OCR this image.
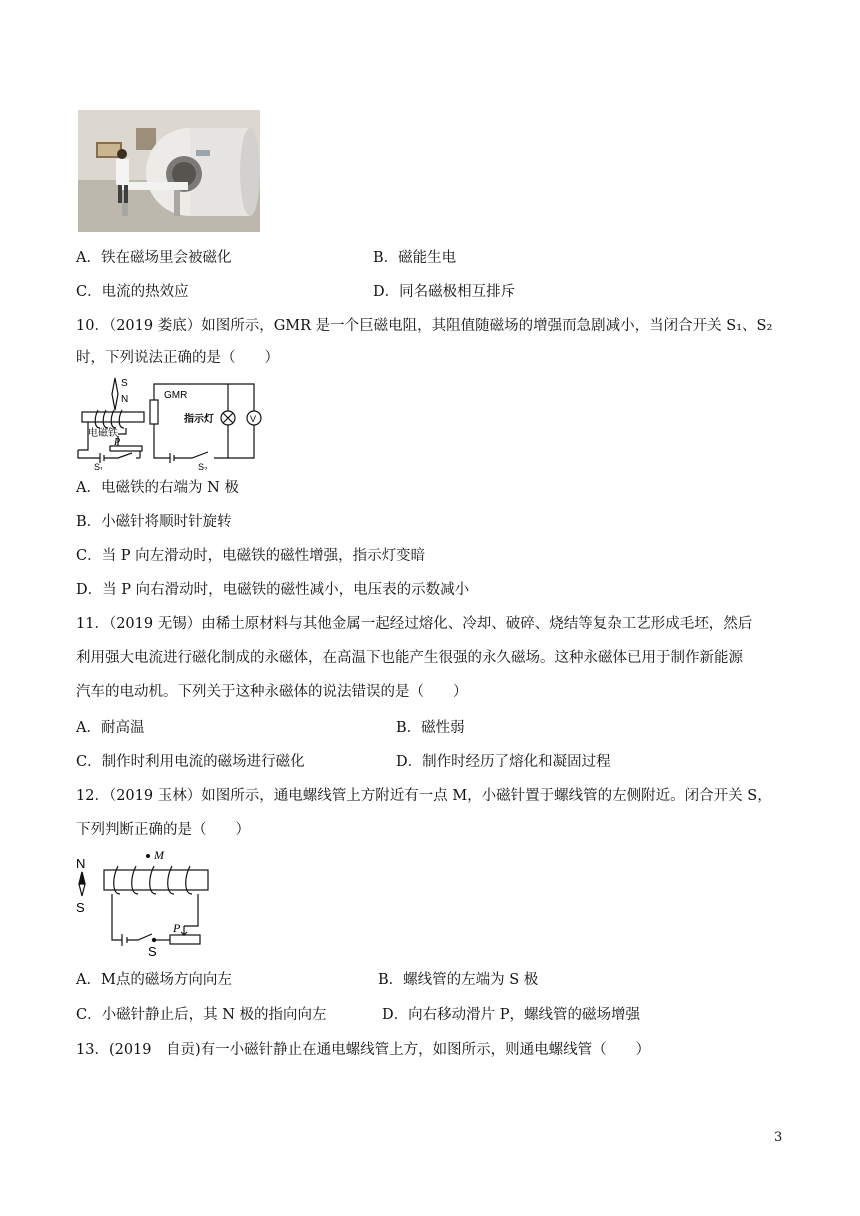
A．铁在磁场里会被磁化	B．磁能生电
C．电流的热效应	D．同名磁极相互排斥
10．（2019 娄底）如图所示，GMR 是一个巨磁电阻，其阻值随磁场的增强而急剧减小，当闭合开关 S₁、S₂
时，下列说法正确的是（　　）
S
N
电磁铁
P
S₁
GMR
指示灯	V
S₂
A．电磁铁的右端为 N 极
B．小磁针将顺时针旋转
C．当 P 向左滑动时，电磁铁的磁性增强，指示灯变暗
D．当 P 向右滑动时，电磁铁的磁性减小，电压表的示数减小
11．（2019 无锡）由稀土原材料与其他金属一起经过熔化、冷却、破碎、烧结等复杂工艺形成毛坯，然后
利用强大电流进行磁化制成的永磁体，在高温下也能产生很强的永久磁场。这种永磁体已用于制作新能源
汽车的电动机。下列关于这种永磁体的说法错误的是（　　）
A．耐高温	B．磁性弱
C．制作时利用电流的磁场进行磁化	D．制作时经历了熔化和凝固过程
12．（2019 玉林）如图所示，通电螺线管上方附近有一点 M，小磁针置于螺线管的左侧附近。闭合开关 S，
下列判断正确的是（　　）
N
S
M
P
S
A．M点的磁场方向向左	B．螺线管的左端为 S 极
C．小磁针静止后，其 N 极的指向向左	D．向右移动滑片 P，螺线管的磁场增强
13．(2019　自贡)有一小磁针静止在通电螺线管上方，如图所示，则通电螺线管（　　）
3
